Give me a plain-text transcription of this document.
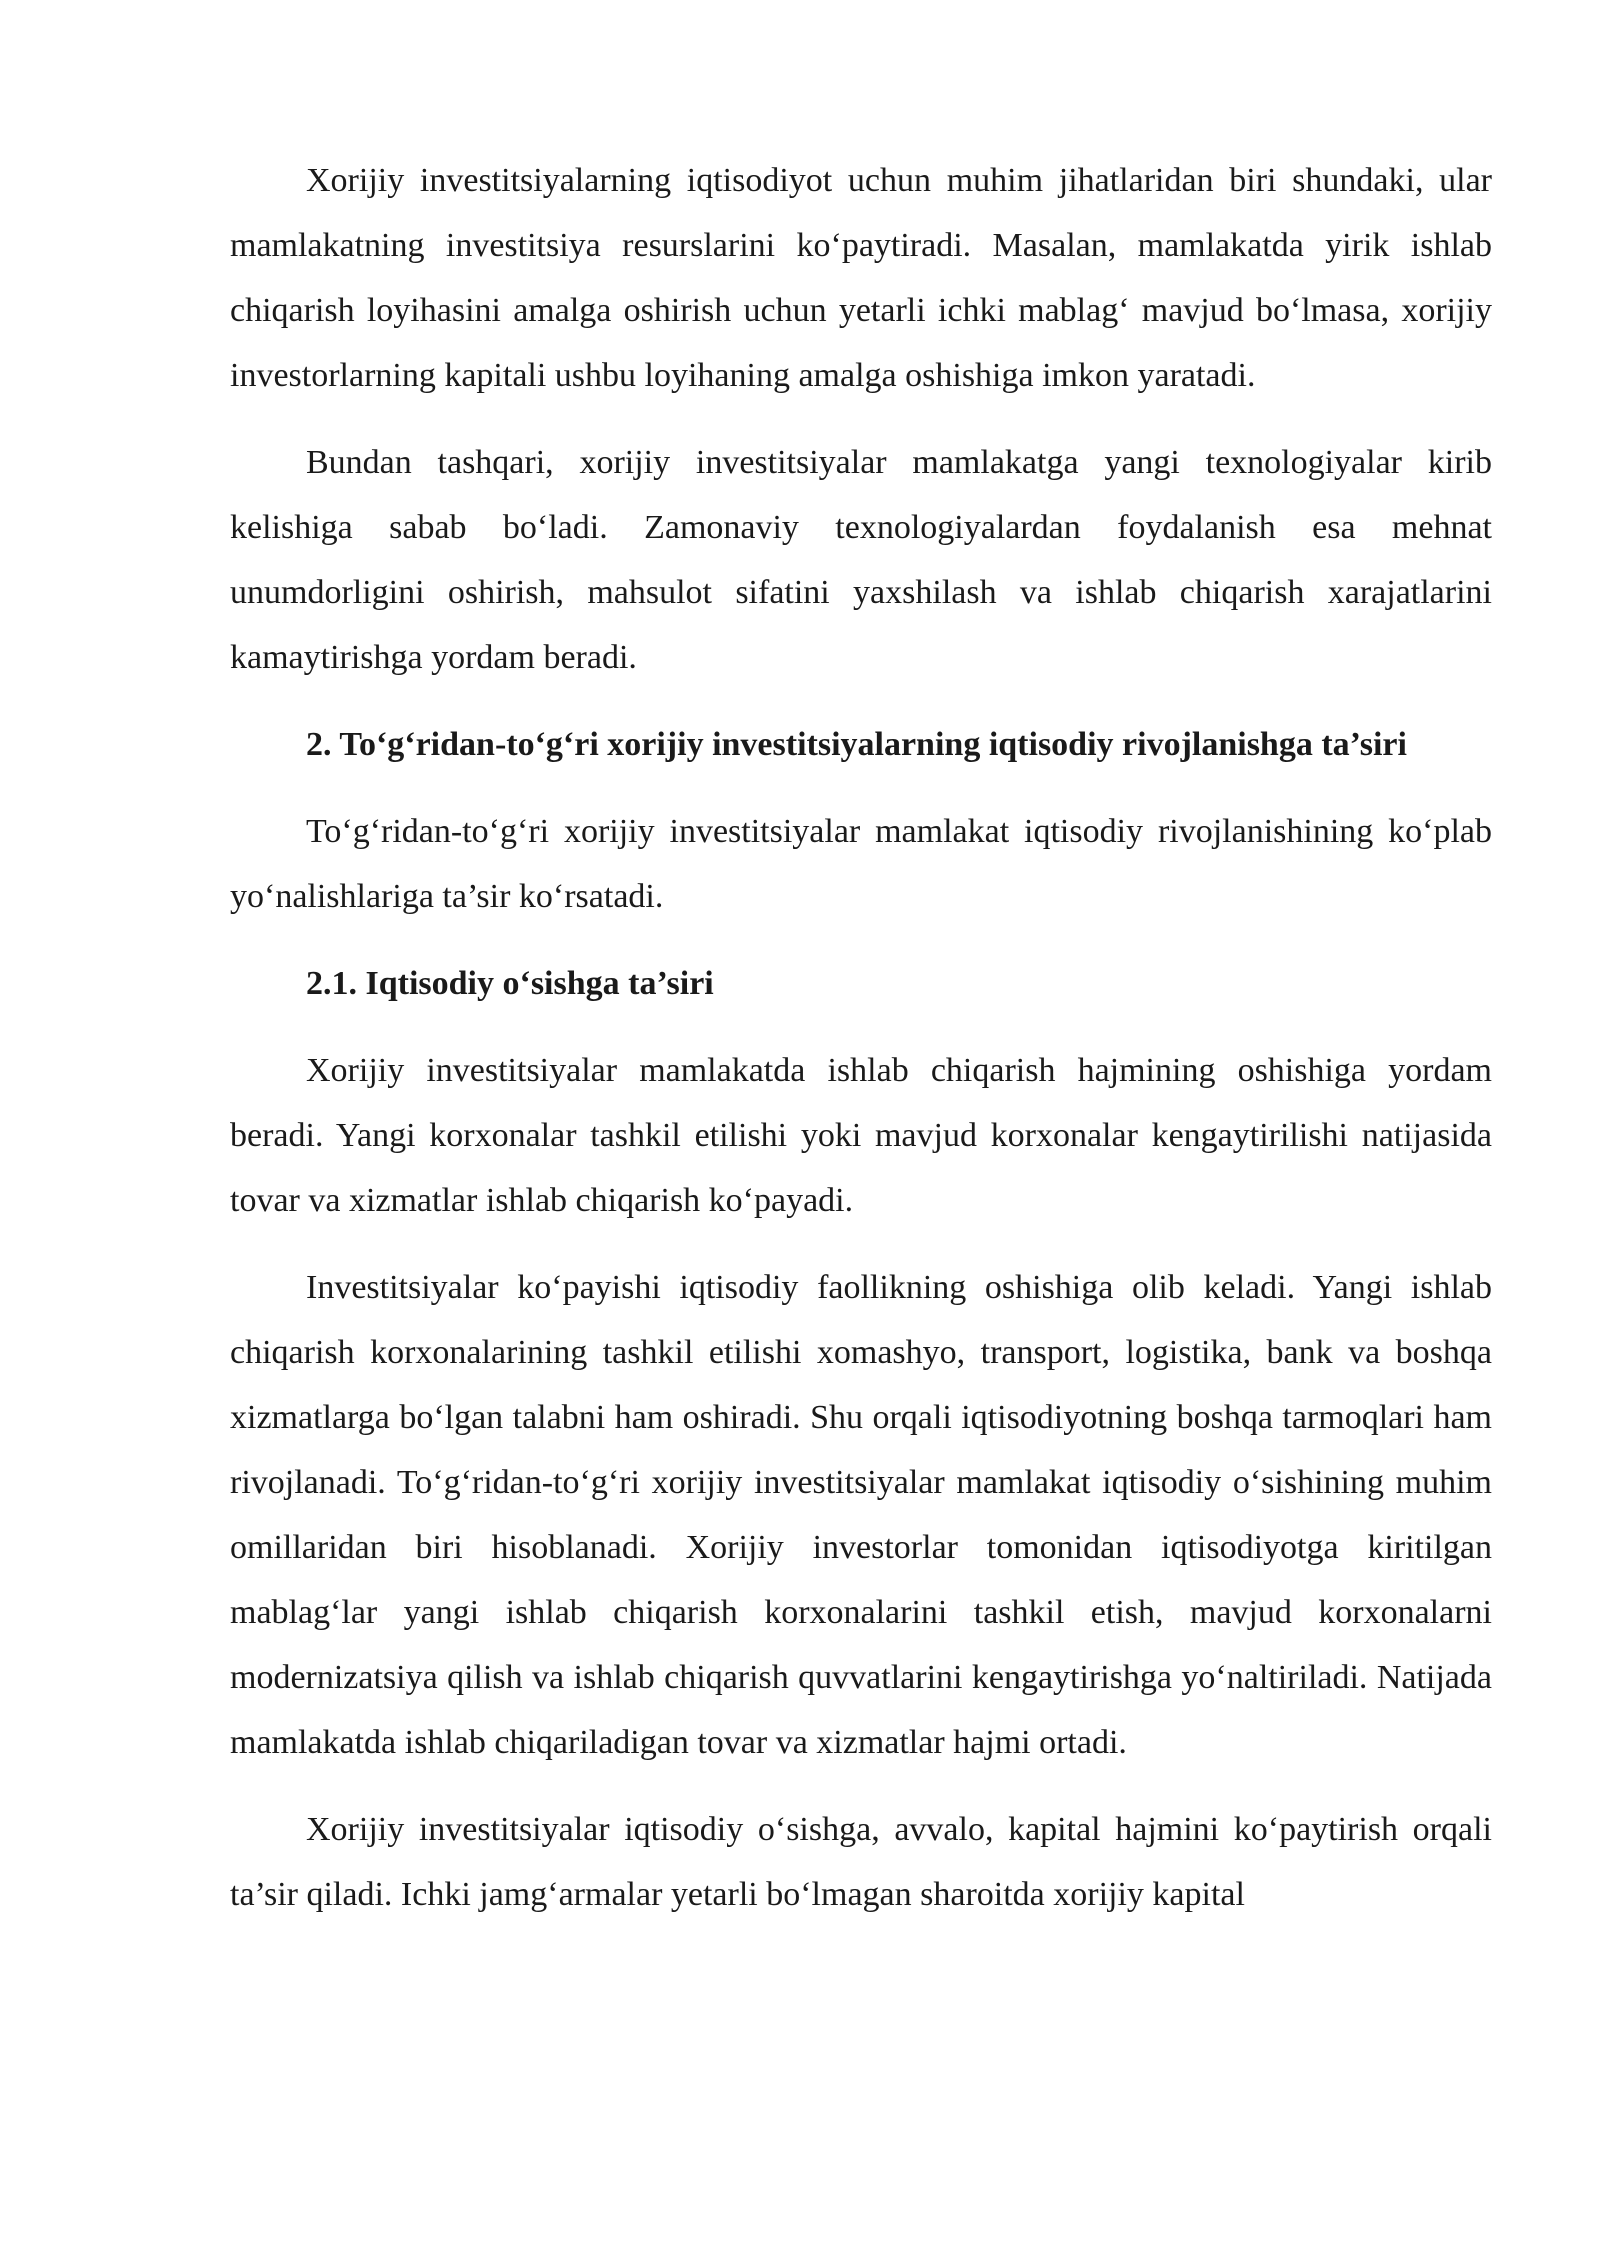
Xorijiy investitsiyalarning iqtisodiyot uchun muhim jihatlaridan biri shundaki, ular mamlakatning investitsiya resurslarini ko‘paytiradi. Masalan, mamlakatda yirik ishlab chiqarish loyihasini amalga oshirish uchun yetarli ichki mablag‘ mavjud bo‘lmasa, xorijiy investorlarning kapitali ushbu loyihaning amalga oshishiga imkon yaratadi.

Bundan tashqari, xorijiy investitsiyalar mamlakatga yangi texnologiyalar kirib kelishiga sabab bo‘ladi. Zamonaviy texnologiyalardan foydalanish esa mehnat unumdorligini oshirish, mahsulot sifatini yaxshilash va ishlab chiqarish xarajatlarini kamaytirishga yordam beradi.

2. To‘g‘ridan-to‘g‘ri xorijiy investitsiyalarning iqtisodiy rivojlanishga ta’siri

To‘g‘ridan-to‘g‘ri xorijiy investitsiyalar mamlakat iqtisodiy rivojlanishining ko‘plab yo‘nalishlariga ta’sir ko‘rsatadi.

2.1. Iqtisodiy o‘sishga ta’siri

Xorijiy investitsiyalar mamlakatda ishlab chiqarish hajmining oshishiga yordam beradi. Yangi korxonalar tashkil etilishi yoki mavjud korxonalar kengaytirilishi natijasida tovar va xizmatlar ishlab chiqarish ko‘payadi.

Investitsiyalar ko‘payishi iqtisodiy faollikning oshishiga olib keladi. Yangi ishlab chiqarish korxonalarining tashkil etilishi xomashyo, transport, logistika, bank va boshqa xizmatlarga bo‘lgan talabni ham oshiradi. Shu orqali iqtisodiyotning boshqa tarmoqlari ham rivojlanadi. To‘g‘ridan-to‘g‘ri xorijiy investitsiyalar mamlakat iqtisodiy o‘sishining muhim omillaridan biri hisoblanadi. Xorijiy investorlar tomonidan iqtisodiyotga kiritilgan mablag‘lar yangi ishlab chiqarish korxonalarini tashkil etish, mavjud korxonalarni modernizatsiya qilish va ishlab chiqarish quvvatlarini kengaytirishga yo‘naltiriladi. Natijada mamlakatda ishlab chiqariladigan tovar va xizmatlar hajmi ortadi.

Xorijiy investitsiyalar iqtisodiy o‘sishga, avvalo, kapital hajmini ko‘paytirish orqali ta’sir qiladi. Ichki jamg‘armalar yetarli bo‘lmagan sharoitda xorijiy kapital
